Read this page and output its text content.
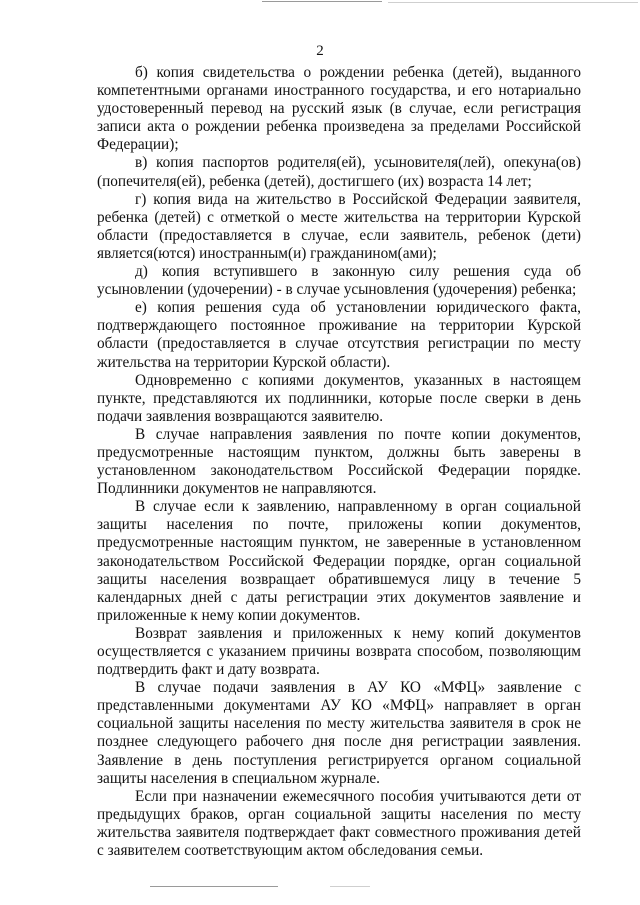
2

б) копия свидетельства о рождении ребенка (детей), выданного компетентными органами иностранного государства, и его нотариально удостоверенный перевод на русский язык (в случае, если регистрация записи акта о рождении ребенка произведена за пределами Российской Федерации);

в) копия паспортов родителя(ей), усыновителя(лей), опекуна(ов) (попечителя(ей), ребенка (детей), достигшего (их) возраста 14 лет;

г) копия вида на жительство в Российской Федерации заявителя, ребенка (детей) с отметкой о месте жительства на территории Курской области (предоставляется в случае, если заявитель, ребенок (дети) является(ются) иностранным(и) гражданином(ами);

д) копия вступившего в законную силу решения суда об усыновлении (удочерении) - в случае усыновления (удочерения) ребенка;

е) копия решения суда об установлении юридического факта, подтверждающего постоянное проживание на территории Курской области (предоставляется в случае отсутствия регистрации по месту жительства на территории Курской области).

Одновременно с копиями документов, указанных в настоящем пункте, представляются их подлинники, которые после сверки в день подачи заявления возвращаются заявителю.

В случае направления заявления по почте копии документов, предусмотренные настоящим пунктом, должны быть заверены в установленном законодательством Российской Федерации порядке. Подлинники документов не направляются.

В случае если к заявлению, направленному в орган социальной защиты населения по почте, приложены копии документов, предусмотренные настоящим пунктом, не заверенные в установленном законодательством Российской Федерации порядке, орган социальной защиты населения возвращает обратившемуся лицу в течение 5 календарных дней с даты регистрации этих документов заявление и приложенные к нему копии документов.

Возврат заявления и приложенных к нему копий документов осуществляется с указанием причины возврата способом, позволяющим подтвердить факт и дату возврата.

В случае подачи заявления в АУ КО «МФЦ» заявление с представленными документами АУ КО «МФЦ» направляет в орган социальной защиты населения по месту жительства заявителя в срок не позднее следующего рабочего дня после дня регистрации заявления. Заявление в день поступления регистрируется органом социальной защиты населения в специальном журнале.

Если при назначении ежемесячного пособия учитываются дети от предыдущих браков, орган социальной защиты населения по месту жительства заявителя подтверждает факт совместного проживания детей с заявителем соответствующим актом обследования семьи.
